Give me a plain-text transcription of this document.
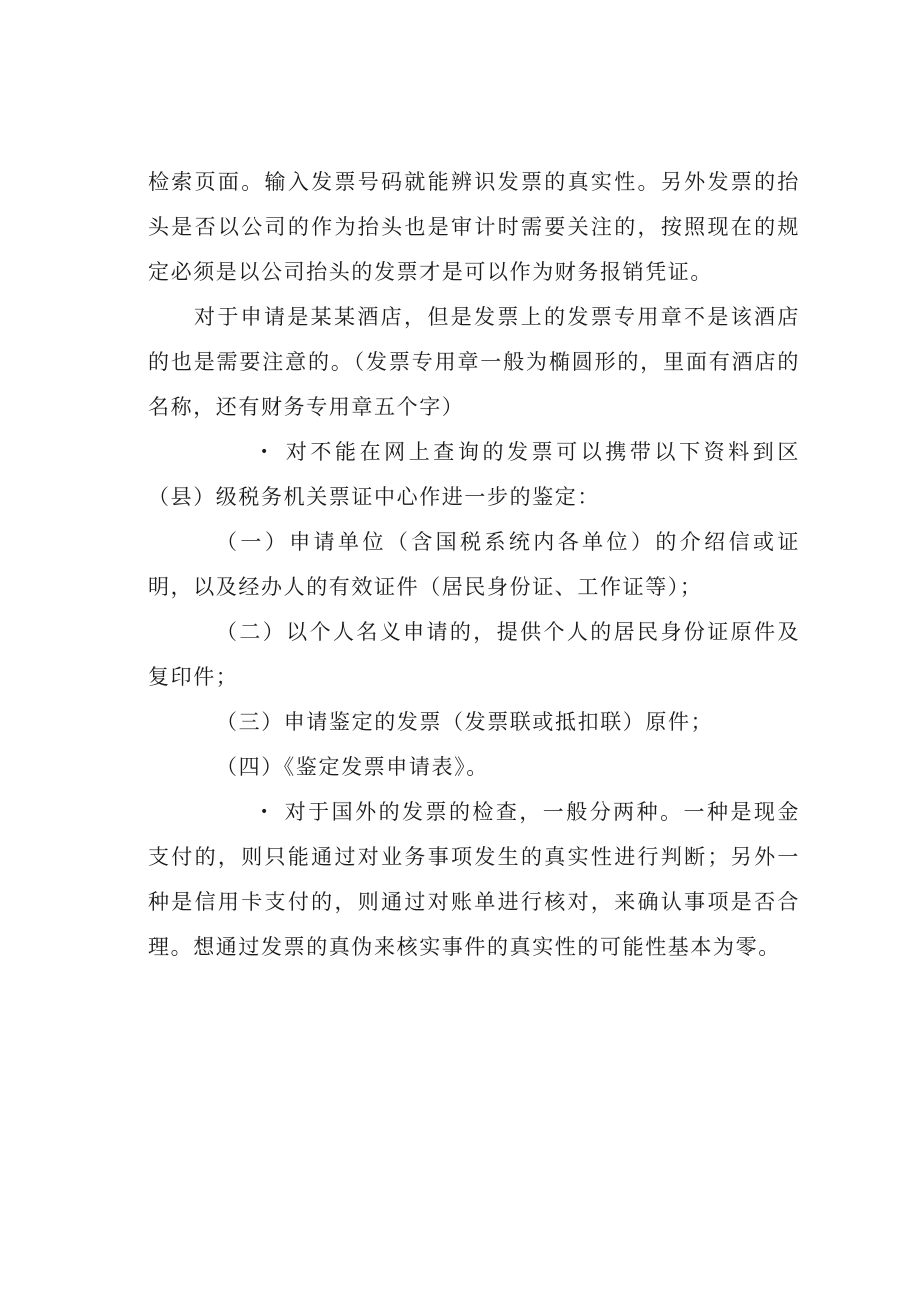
检索页面。输入发票号码就能辨识发票的真实性。另外发票的抬头是否以公司的作为抬头也是审计时需要关注的，按照现在的规定必须是以公司抬头的发票才是可以作为财务报销凭证。

对于申请是某某酒店，但是发票上的发票专用章不是该酒店的也是需要注意的。（发票专用章一般为椭圆形的，里面有酒店的名称，还有财务专用章五个字）

• 对不能在网上查询的发票可以携带以下资料到区（县）级税务机关票证中心作进一步的鉴定：

（一）申请单位（含国税系统内各单位）的介绍信或证明，以及经办人的有效证件（居民身份证、工作证等）；

（二）以个人名义申请的，提供个人的居民身份证原件及复印件；

（三）申请鉴定的发票（发票联或抵扣联）原件；

（四）《鉴定发票申请表》。

• 对于国外的发票的检查，一般分两种。一种是现金支付的，则只能通过对业务事项发生的真实性进行判断；另外一种是信用卡支付的，则通过对账单进行核对，来确认事项是否合理。想通过发票的真伪来核实事件的真实性的可能性基本为零。
